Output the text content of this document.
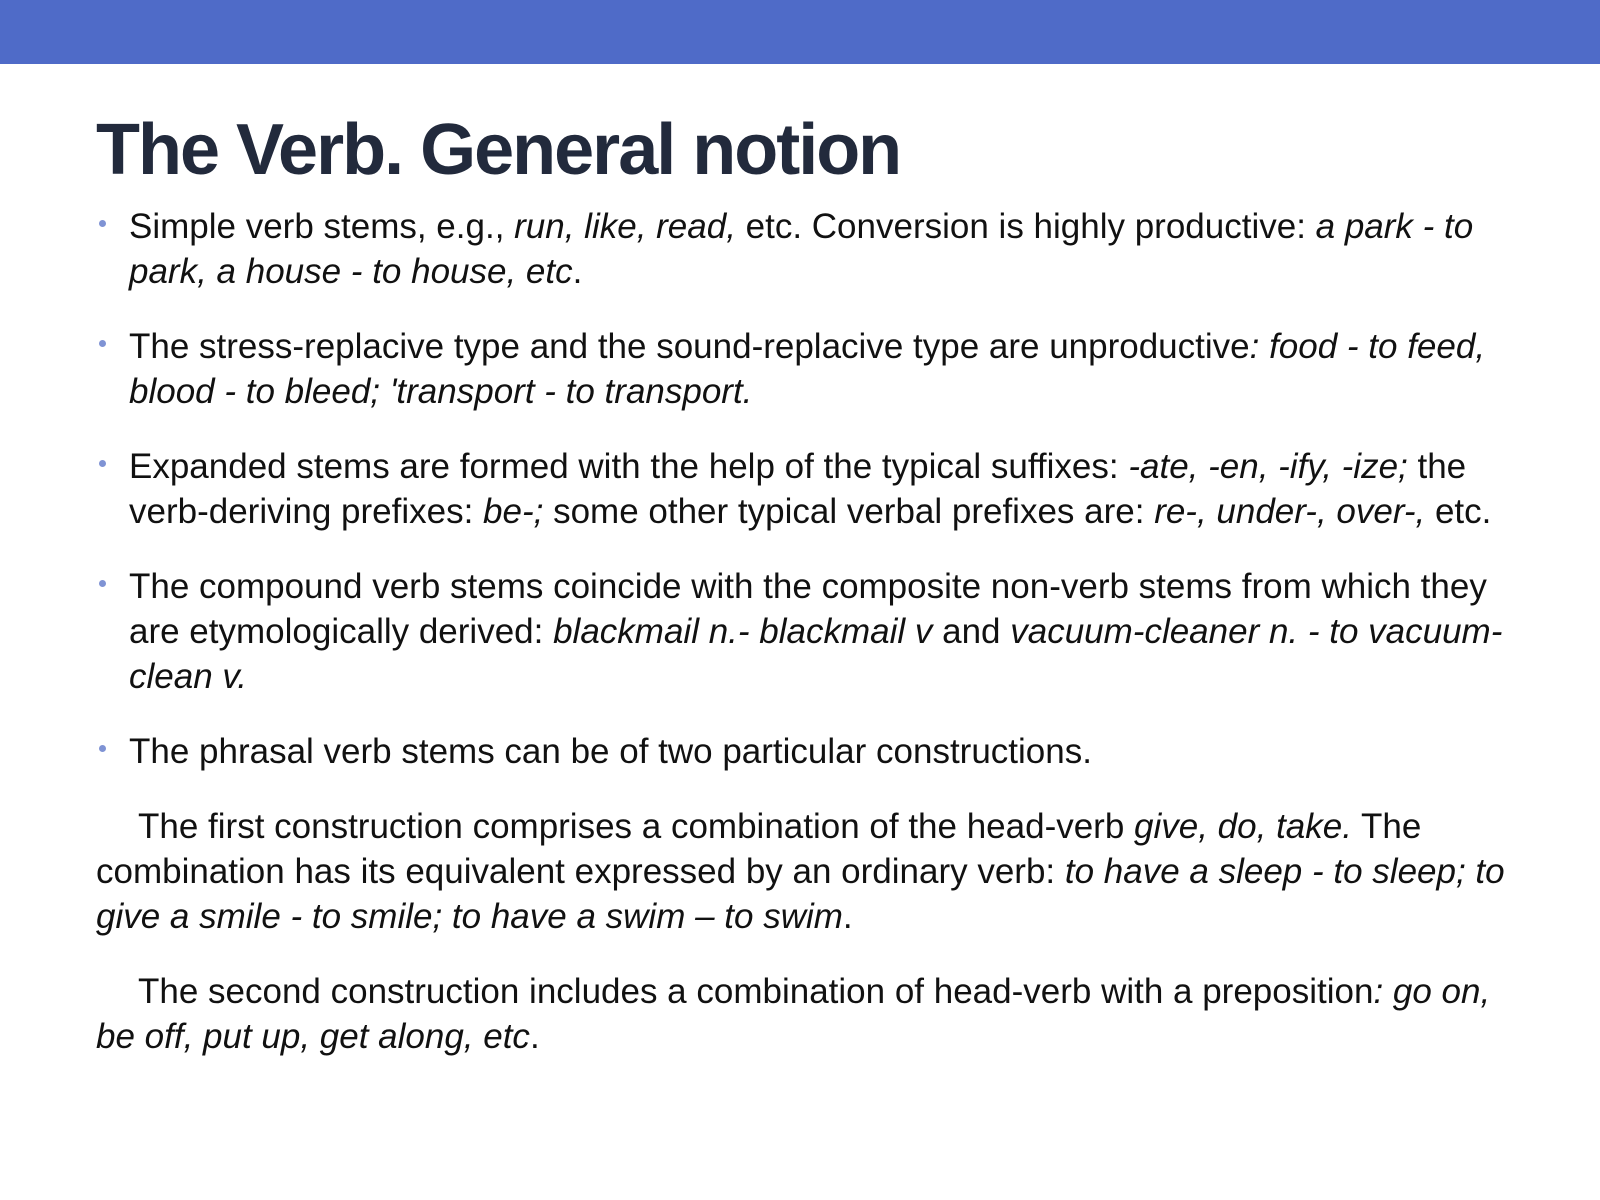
The Verb. General notion
Simple verb stems, e.g., run, like, read, etc. Conversion is highly productive: a park - to park, a house - to house, etc.
The stress-replacive type and the sound-replacive type are unproductive: food - to feed, blood - to bleed; 'transport - to transport.
Expanded stems are formed with the help of the typical suffixes: -ate, -en, -ify, -ize; the verb-deriving prefixes: be-; some other typical verbal prefixes are: re-, under-, over-, etc.
The compound verb stems coincide with the composite non-verb stems from which they are etymologically derived: blackmail n.- blackmail v and vacuum-cleaner n. - to vacuum-clean v.
The phrasal verb stems can be of two particular constructions.

The first construction comprises a combination of the head-verb give, do, take. The combination has its equivalent expressed by an ordinary verb: to have a sleep - to sleep; to give a smile - to smile; to have a swim – to swim.

The second construction includes a combination of head-verb with a preposition: go on, be off, put up, get along, etc.
